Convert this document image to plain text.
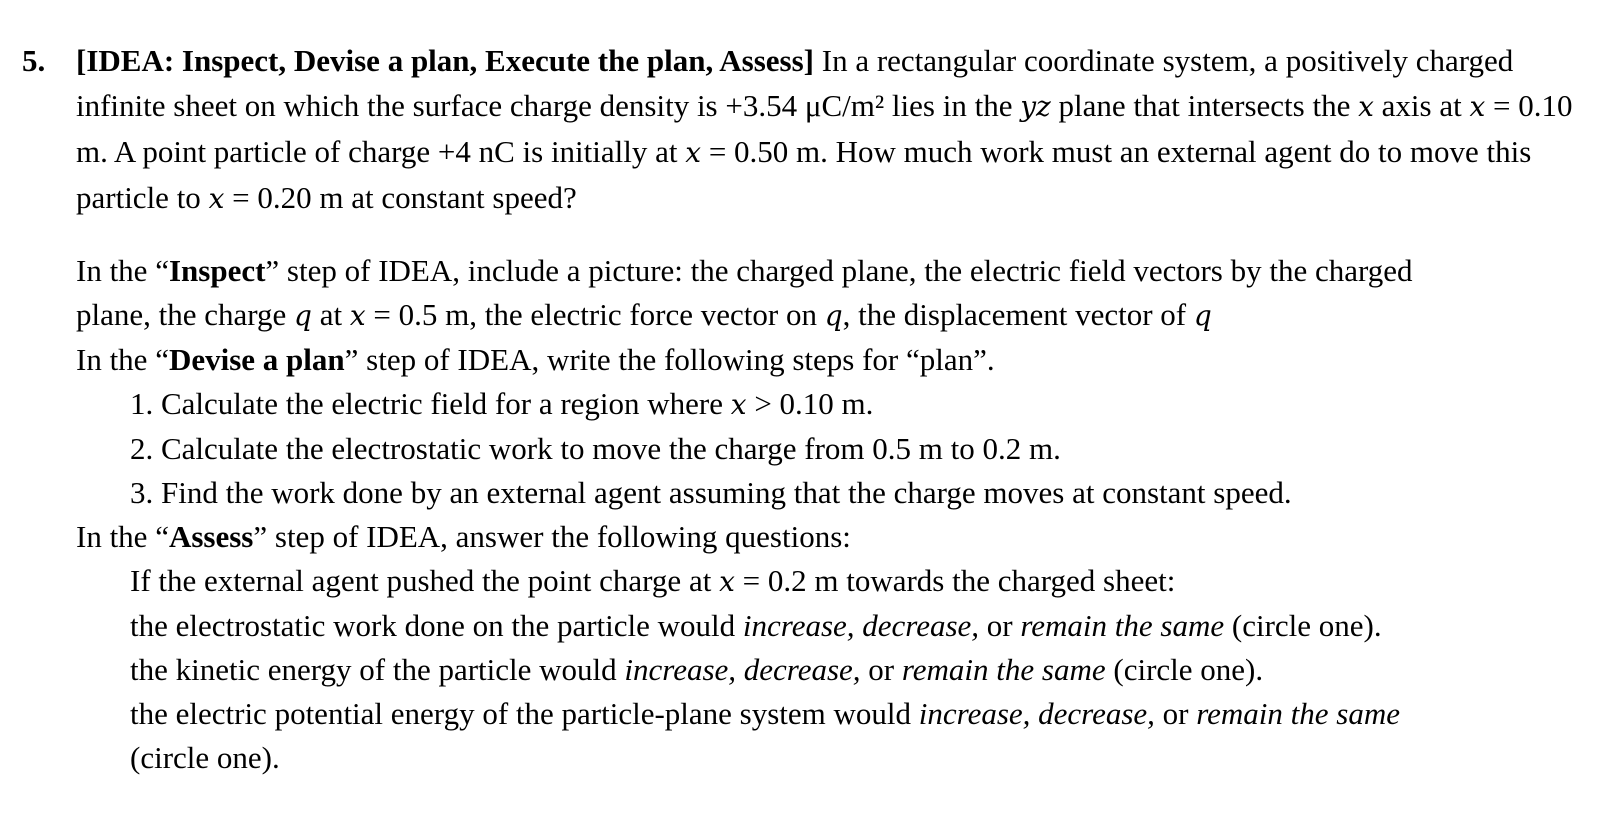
5. [IDEA: Inspect, Devise a plan, Execute the plan, Assess] In a rectangular coordinate system, a positively charged infinite sheet on which the surface charge density is +3.54 μC/m² lies in the yz plane that intersects the x axis at x = 0.10 m. A point particle of charge +4 nC is initially at x = 0.50 m. How much work must an external agent do to move this particle to x = 0.20 m at constant speed?
In the “Inspect” step of IDEA, include a picture: the charged plane, the electric field vectors by the charged
plane, the charge q at x = 0.5 m, the electric force vector on q, the displacement vector of q
In the “Devise a plan” step of IDEA, write the following steps for “plan”.
1. Calculate the electric field for a region where x > 0.10 m.
2. Calculate the electrostatic work to move the charge from 0.5 m to 0.2 m.
3. Find the work done by an external agent assuming that the charge moves at constant speed.
In the “Assess” step of IDEA, answer the following questions:
If the external agent pushed the point charge at x = 0.2 m towards the charged sheet:
the electrostatic work done on the particle would increase, decrease, or remain the same (circle one).
the kinetic energy of the particle would increase, decrease, or remain the same (circle one).
the electric potential energy of the particle-plane system would increase, decrease, or remain the same
(circle one).
